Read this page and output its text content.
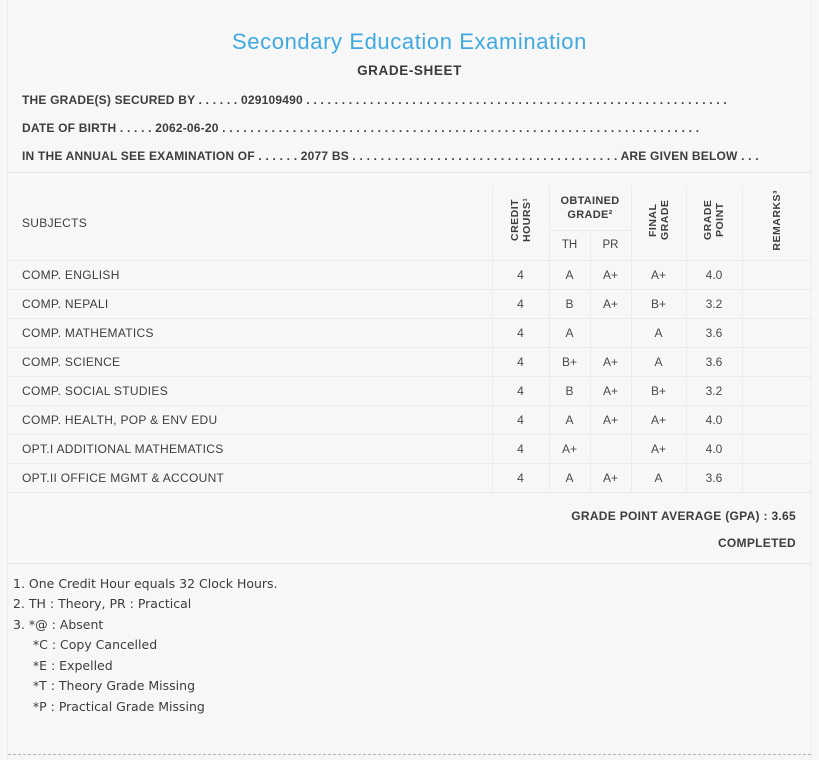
Secondary Education Examination
GRADE-SHEET
THE GRADE(S) SECURED BY . . . . . . 029109490 . . . . . . . . . . . . . . . . . . . . . . . . . . . . . . . . . . . . . . . . . . . . . . . . . . . . . . . . . . . .
DATE OF BIRTH . . . . . 2062-06-20 . . . . . . . . . . . . . . . . . . . . . . . . . . . . . . . . . . . . . . . . . . . . . . . . . . . . . . . . . . . . . . . . . . . .
IN THE ANNUAL SEE EXAMINATION OF . . . . . . 2077 BS . . . . . . . . . . . . . . . . . . . . . . . . . . . . . . . . . . . . . . ARE GIVEN BELOW . . .
SUBJECTS	CREDIT HOURS¹	OBTAINED GRADE²		FINAL GRADE	GRADE POINT	REMARKS³
		TH	PR			
COMP. ENGLISH	4	A	A+	A+	4.0	
COMP. NEPALI	4	B	A+	B+	3.2	
COMP. MATHEMATICS	4	A		A	3.6	
COMP. SCIENCE	4	B+	A+	A	3.6	
COMP. SOCIAL STUDIES	4	B	A+	B+	3.2	
COMP. HEALTH, POP & ENV EDU	4	A	A+	A+	4.0	
OPT.I ADDITIONAL MATHEMATICS	4	A+		A+	4.0	
OPT.II OFFICE MGMT & ACCOUNT	4	A	A+	A	3.6	
GRADE POINT AVERAGE (GPA) : 3.65
COMPLETED
1. One Credit Hour equals 32 Clock Hours.
2. TH : Theory, PR : Practical
3. *@ : Absent
*C : Copy Cancelled
*E : Expelled
*T : Theory Grade Missing
*P : Practical Grade Missing
